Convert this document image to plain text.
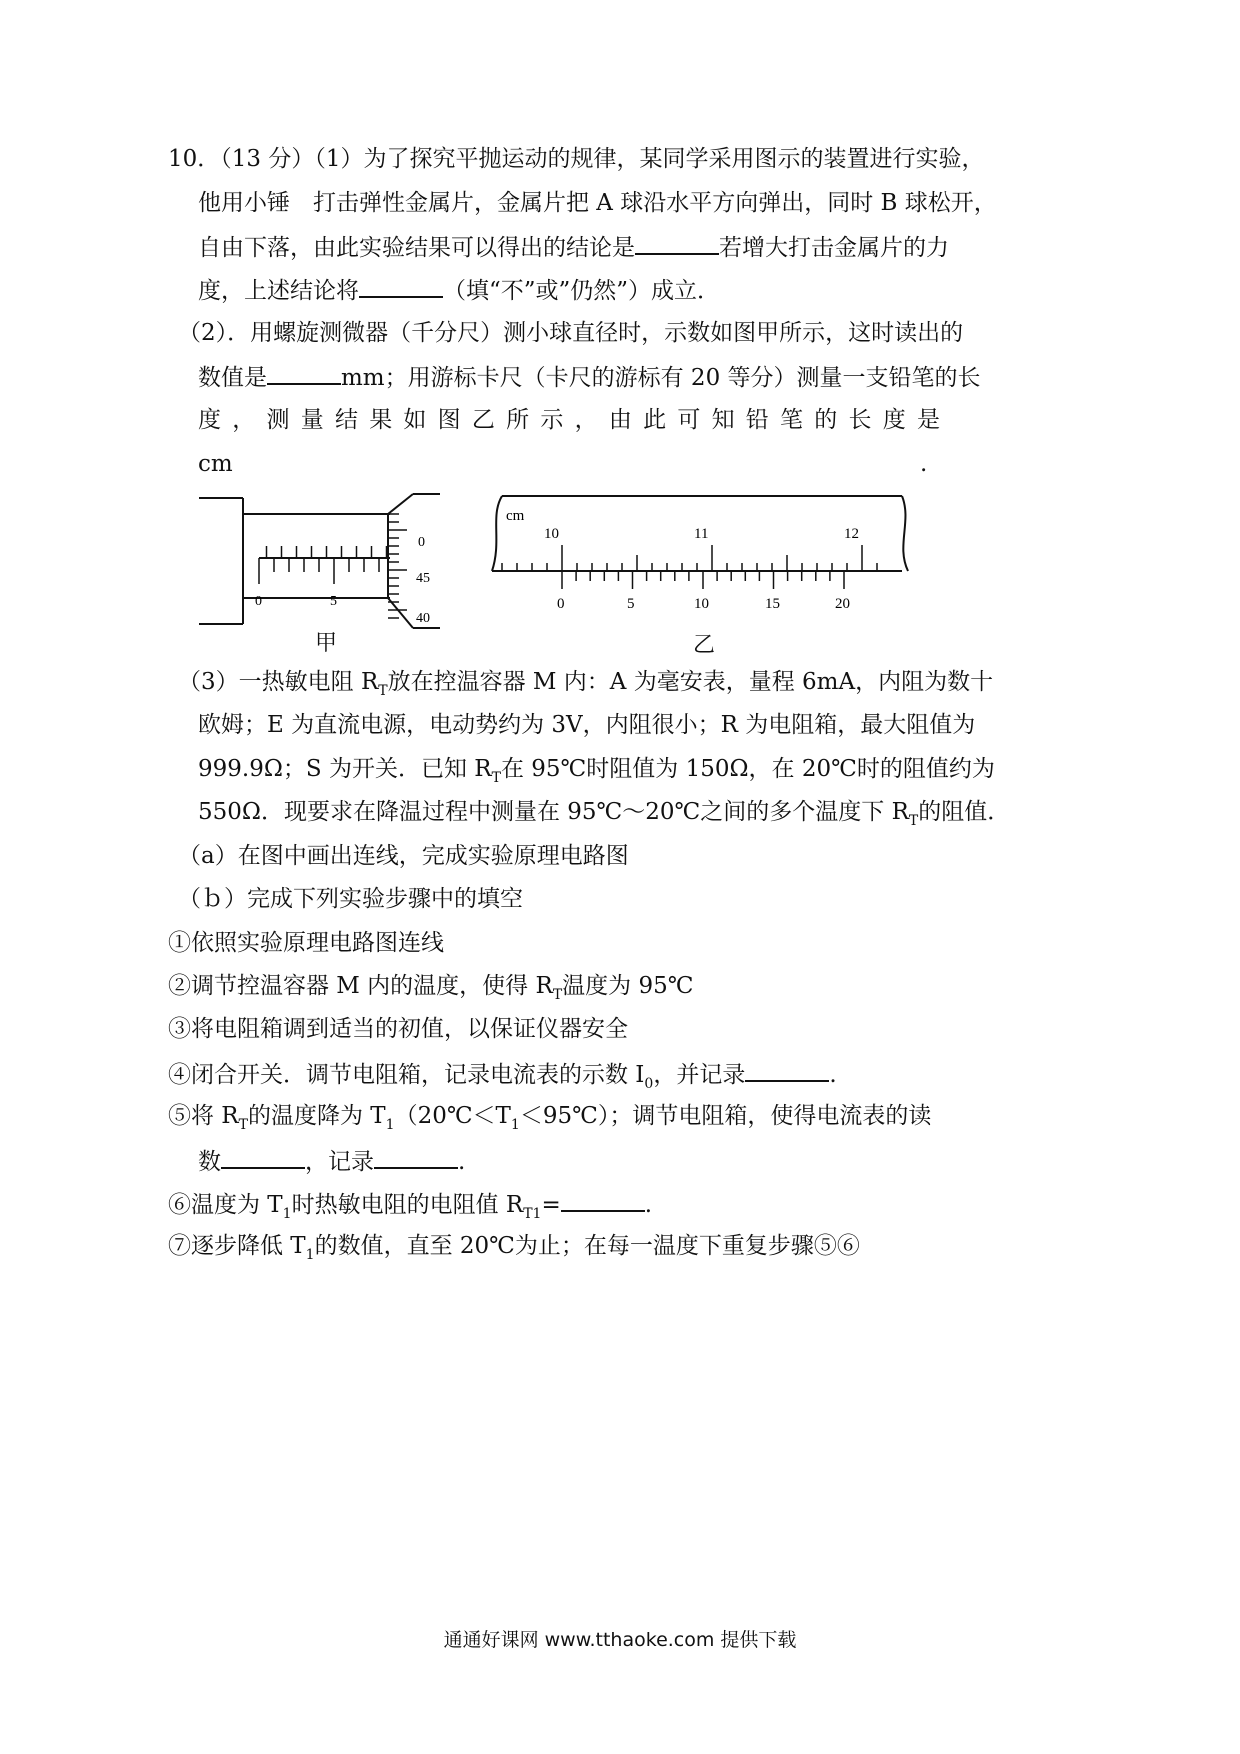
10．（13 分）（1）为了探究平抛运动的规律，某同学采用图示的装置进行实验，
他用小锤　打击弹性金属片，金属片把 A 球沿水平方向弹出，同时 B 球松开，
自由下落，由此实验结果可以得出的结论是	若增大打击金属片的力
度，上述结论将	（填“不”或”仍然”）成立．
（2）．用螺旋测微器（千分尺）测小球直径时，示数如图甲所示，这时读出的
数值是	mm；用游标卡尺（卡尺的游标有 20 等分）测量一支铅笔的长
度，测量结果如图乙所示，由此可知铅笔的长度是
cm	.
0	5
0
45
40
甲
cm
10	11	12
0	5	10	15	20
乙
（3）一热敏电阻 $R_T$放在控温容器 M 内：A 为毫安表，量程 6mA，内阻为数十
欧姆；E 为直流电源，电动势约为 3V，内阻很小；R 为电阻箱，最大阻值为
999.9Ω；S 为开关．已知 $R_T$在 95℃时阻值为 150Ω，在 20℃时的阻值约为
550Ω．现要求在降温过程中测量在 95℃～20℃之间的多个温度下 $R_T$的阻值．
（a）在图中画出连线，完成实验原理电路图
（ｂ）完成下列实验步骤中的填空
①依照实验原理电路图连线
②调节控温容器 M 内的温度，使得 $R_T$温度为 95℃
③将电阻箱调到适当的初值，以保证仪器安全
④闭合开关．调节电阻箱，记录电流表的示数 $I_0$，并记录	.
⑤将 $R_T$的温度降为 $T_1(20℃<T_1<95℃)$；调节电阻箱，使得电流表的读
数	，记录	.
⑥温度为 $T_1$时热敏电阻的电阻值 $R_{T1}=$	.
⑦逐步降低 $T_1$的数值，直至 20℃为止；在每一温度下重复步骤⑤⑥
通通好课网 www.tthaoke.com 提供下载
